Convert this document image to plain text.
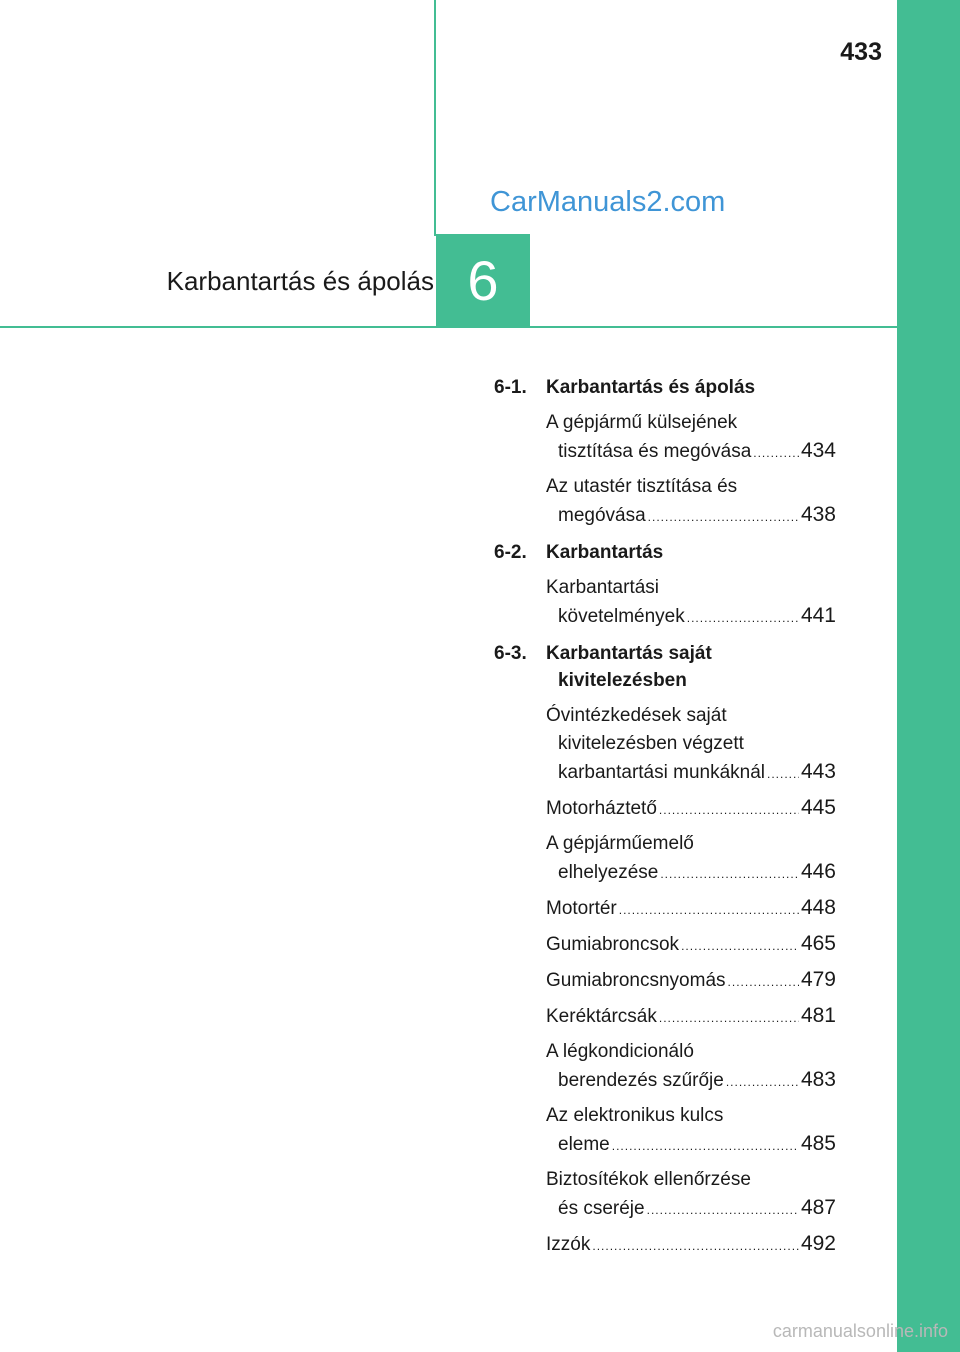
433
CarManuals2.com
Karbantartás és ápolás 6
6-1. Karbantartás és ápolás
A gépjármű külsejének
tisztítása és megóvása ..... 434
Az utastér tisztítása és
megóvása .....	438
6-2. Karbantartás
Karbantartási
követelmények .....	441
6-3. Karbantartás saját
kivitelezésben
Óvintézkedések saját
kivitelezésben végzett
karbantartási munkáknál ..... 443
Motorháztető .....	445
A gépjárműemelő
elhelyezése .....	446
Motortér .....	448
Gumiabroncsok .....	465
Gumiabroncsnyomás .....	479
Keréktárcsák .....	481
A légkondicionáló
berendezés szűrője .....	483
Az elektronikus kulcs
eleme .....	485
Biztosítékok ellenőrzése
és cseréje .....	487
Izzók .....	492
carmanualsonline.info
